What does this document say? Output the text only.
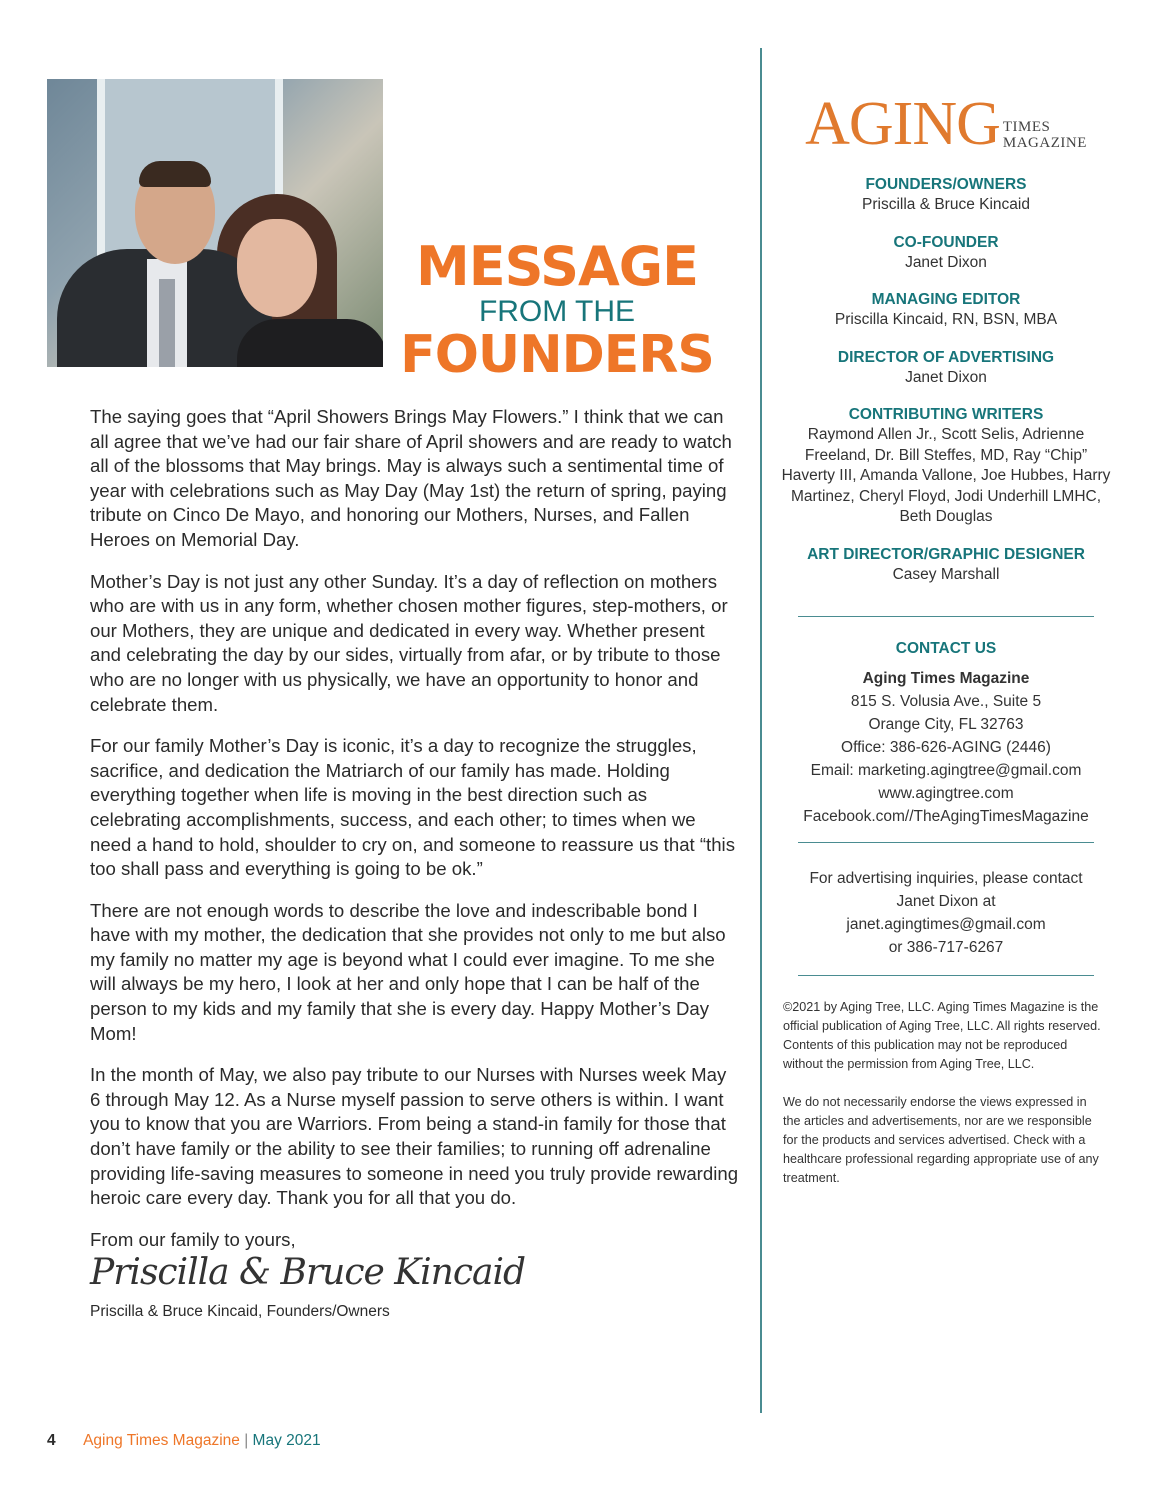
MESSAGE
FROM THE
FOUNDERS

The saying goes that “April Showers Brings May Flowers.” I think that we can all agree that we’ve had our fair share of April showers and are ready to watch all of the blossoms that May brings. May is always such a sentimental time of year with celebrations such as May Day (May 1st) the return of spring, paying tribute on Cinco De Mayo, and honoring our Mothers, Nurses, and Fallen Heroes on Memorial Day.

Mother’s Day is not just any other Sunday. It’s a day of reflection on mothers who are with us in any form, whether chosen mother figures, step-mothers, or our Mothers, they are unique and dedicated in every way. Whether present and celebrating the day by our sides, virtually from afar, or by tribute to those who are no longer with us physically, we have an opportunity to honor and celebrate them.

For our family Mother’s Day is iconic, it’s a day to recognize the struggles, sacrifice, and dedication the Matriarch of our family has made. Holding everything together when life is moving in the best direction such as celebrating accomplishments, success, and each other; to times when we need a hand to hold, shoulder to cry on, and someone to reassure us that “this too shall pass and everything is going to be ok.”

There are not enough words to describe the love and indescribable bond I have with my mother, the dedication that she provides not only to me but also my family no matter my age is beyond what I could ever imagine. To me she will always be my hero, I look at her and only hope that I can be half of the person to my kids and my family that she is every day. Happy Mother’s Day Mom!

In the month of May, we also pay tribute to our Nurses with Nurses week May 6 through May 12. As a Nurse myself passion to serve others is within. I want you to know that you are Warriors. From being a stand-in family for those that don’t have family or the ability to see their families; to running off adrenaline providing life-saving measures to someone in need you truly provide rewarding heroic care every day. Thank you for all that you do.

From our family to yours,
Priscilla & Bruce Kincaid
Priscilla & Bruce Kincaid, Founders/Owners
4 Aging Times Magazine | May 2021
AGING TIMES
MAGAZINE
FOUNDERS/OWNERS
Priscilla & Bruce Kincaid
CO-FOUNDER
Janet Dixon
MANAGING EDITOR
Priscilla Kincaid, RN, BSN, MBA
DIRECTOR OF ADVERTISING
Janet Dixon
CONTRIBUTING WRITERS
Raymond Allen Jr., Scott Selis, Adrienne Freeland, Dr. Bill Steffes, MD, Ray “Chip” Haverty III, Amanda Vallone, Joe Hubbes, Harry Martinez, Cheryl Floyd, Jodi Underhill LMHC, Beth Douglas
ART DIRECTOR/GRAPHIC DESIGNER
Casey Marshall
CONTACT US
Aging Times Magazine
815 S. Volusia Ave., Suite 5
Orange City, FL 32763
Office: 386-626-AGING (2446)
Email: marketing.agingtree@gmail.com
www.agingtree.com
Facebook.com//TheAgingTimesMagazine
For advertising inquiries, please contact
Janet Dixon at
janet.agingtimes@gmail.com
or 386-717-6267

©2021 by Aging Tree, LLC. Aging Times Magazine is the official publication of Aging Tree, LLC. All rights reserved. Contents of this publication may not be reproduced without the permission from Aging Tree, LLC.

We do not necessarily endorse the views expressed in the articles and advertisements, nor are we responsible for the products and services advertised. Check with a healthcare professional regarding appropriate use of any treatment.
